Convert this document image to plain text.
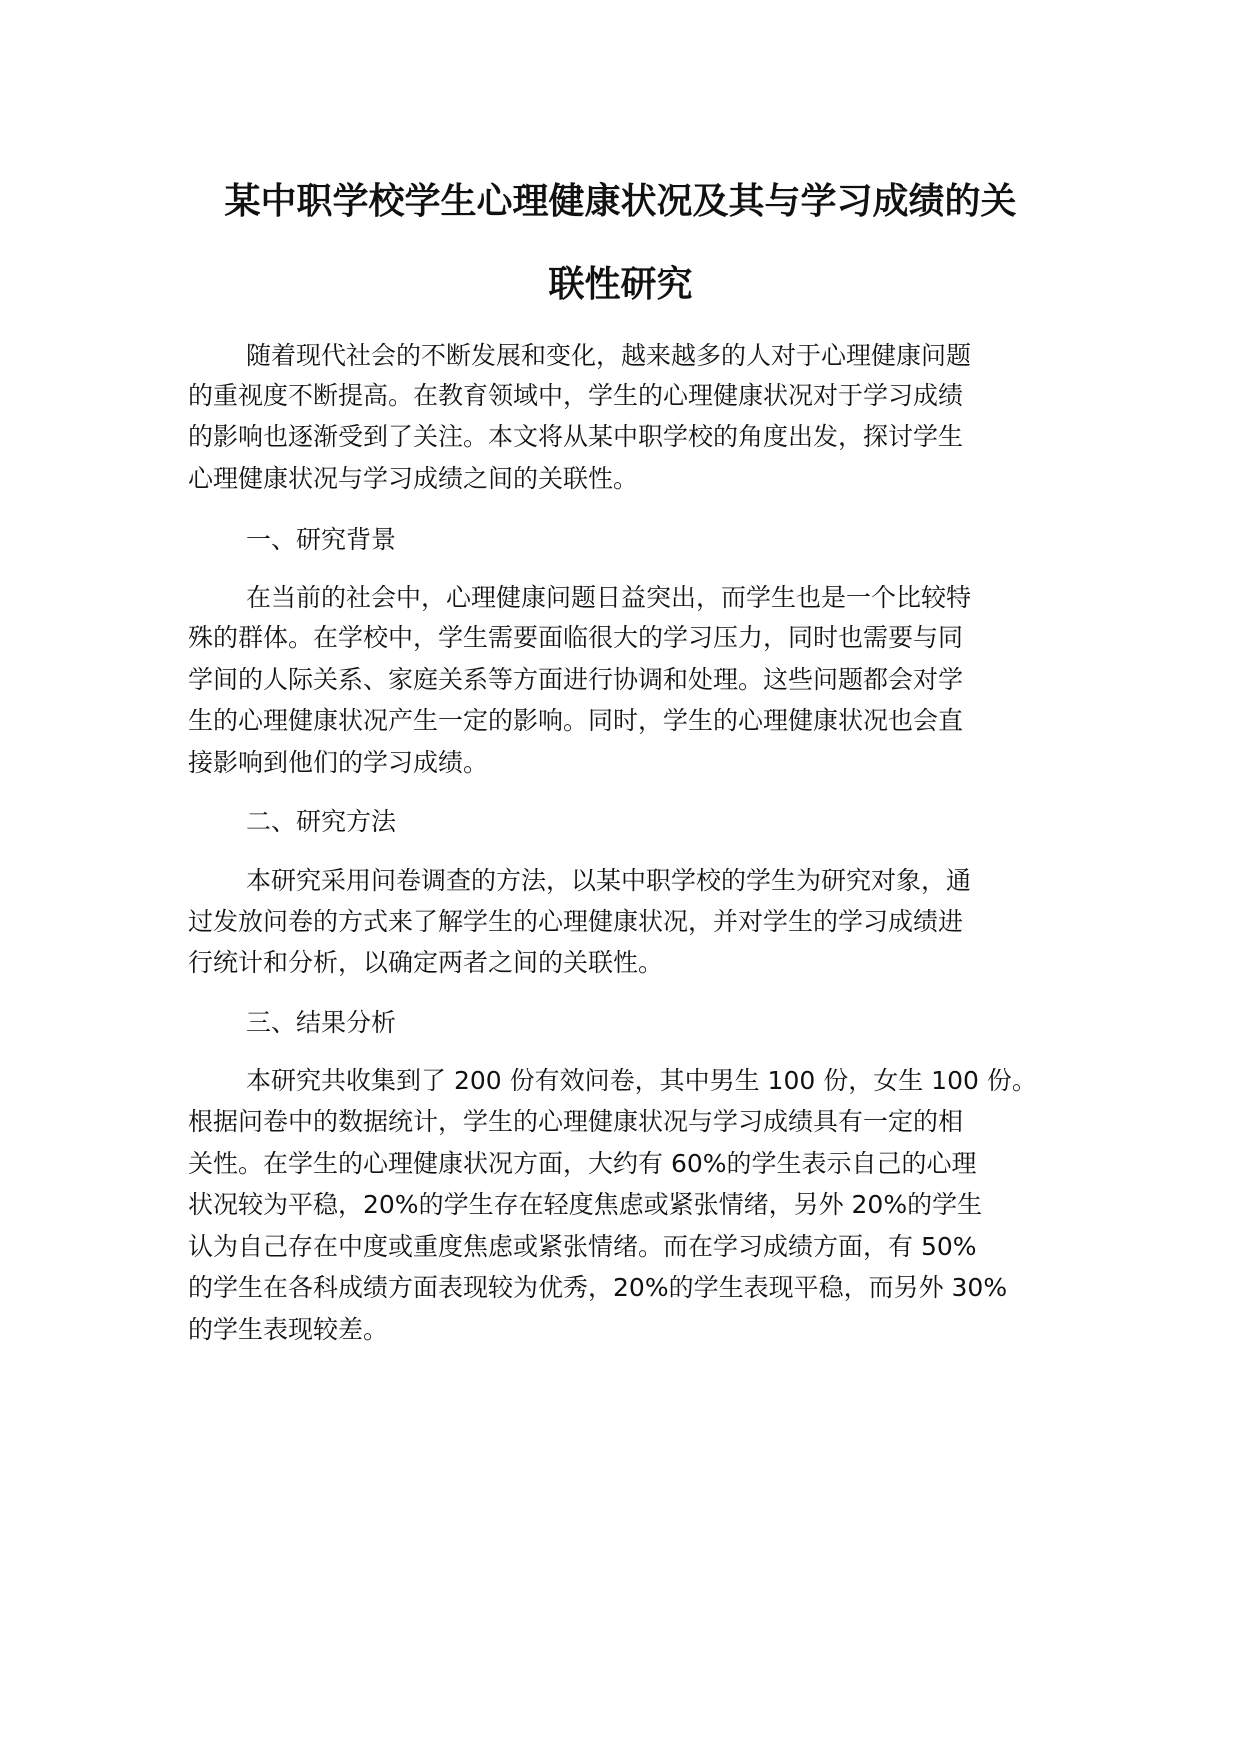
某中职学校学生心理健康状况及其与学习成绩的关
联性研究
随着现代社会的不断发展和变化，越来越多的人对于心理健康问题
的重视度不断提高。在教育领域中，学生的心理健康状况对于学习成绩
的影响也逐渐受到了关注。本文将从某中职学校的角度出发，探讨学生
心理健康状况与学习成绩之间的关联性。
一、研究背景
在当前的社会中，心理健康问题日益突出，而学生也是一个比较特
殊的群体。在学校中，学生需要面临很大的学习压力，同时也需要与同
学间的人际关系、家庭关系等方面进行协调和处理。这些问题都会对学
生的心理健康状况产生一定的影响。同时，学生的心理健康状况也会直
接影响到他们的学习成绩。
二、研究方法
本研究采用问卷调查的方法，以某中职学校的学生为研究对象，通
过发放问卷的方式来了解学生的心理健康状况，并对学生的学习成绩进
行统计和分析，以确定两者之间的关联性。
三、结果分析
本研究共收集到了 200 份有效问卷，其中男生 100 份，女生 100 份。
根据问卷中的数据统计，学生的心理健康状况与学习成绩具有一定的相
关性。在学生的心理健康状况方面，大约有 60%的学生表示自己的心理
状况较为平稳，20%的学生存在轻度焦虑或紧张情绪，另外 20%的学生
认为自己存在中度或重度焦虑或紧张情绪。而在学习成绩方面，有 50%
的学生在各科成绩方面表现较为优秀，20%的学生表现平稳，而另外 30%
的学生表现较差。
